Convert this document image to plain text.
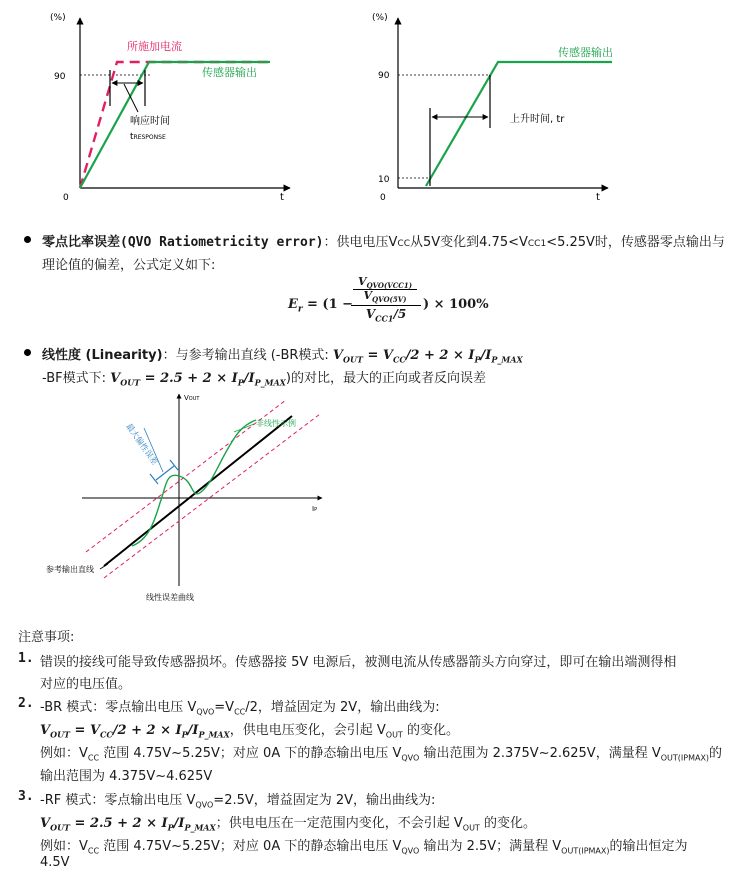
(%)
90
0	t
所施加电流
传感器输出
响应时间
tRESPONSE
(%)
90
10
0	t
传感器输出
上升时间, tr
零点比率误差(QVO Ratiometricity error)：供电电压VCC从5V变化到4.75<VCC1<5.25V时，传感器零点输出与
理论值的偏差，公式定义如下:
$E_r = (1$ −
$V_{QVO(VCC1)}$
$V_{QVO(5V)}$
$V_{CC1}/5$
) × 100%
线性度 (Linearity)：与参考输出直线 (-BR模式: $V_{OUT} = V_{CC}/2 + 2 \times I_P/I_{P\_MAX}$
-BF模式下: $V_{OUT} = 2.5 + 2 \times I_P/I_{P\_MAX}$)的对比，最大的正向或者反向误差
VOUT
IP
最大偏性误差	非线性示例
参考输出直线
线性误差曲线
注意事项:
1. 错误的接线可能导致传感器损坏。传感器接 5V 电源后，被测电流从传感器箭头方向穿过，即可在输出端测得相
对应的电压值。
2. -BR 模式：零点输出电压 $V_{QVO}=V_{CC}/2$，增益固定为 2V，输出曲线为:
$V_{OUT} = V_{CC}/2 + 2 \times I_P/I_{P\_MAX}$，供电电压变化，会引起 $V_{OUT}$ 的变化。
例如：$V_{CC}$ 范围 4.75V~5.25V；对应 0A 下的静态输出电压 $V_{QVO}$ 输出范围为 2.375V~2.625V，满量程 $V_{OUT(IPMAX)}$的
输出范围为 4.375V~4.625V
3. -RF 模式：零点输出电压 $V_{QVO}=2.5V$，增益固定为 2V，输出曲线为:
$V_{OUT} = 2.5 + 2 \times I_P/I_{P\_MAX}$；供电电压在一定范围内变化，不会引起 $V_{OUT}$ 的变化。
例如：$V_{CC}$ 范围 4.75V~5.25V；对应 0A 下的静态输出电压 $V_{QVO}$ 输出为 2.5V；满量程 $V_{OUT(IPMAX)}$的输出恒定为
4.5V
